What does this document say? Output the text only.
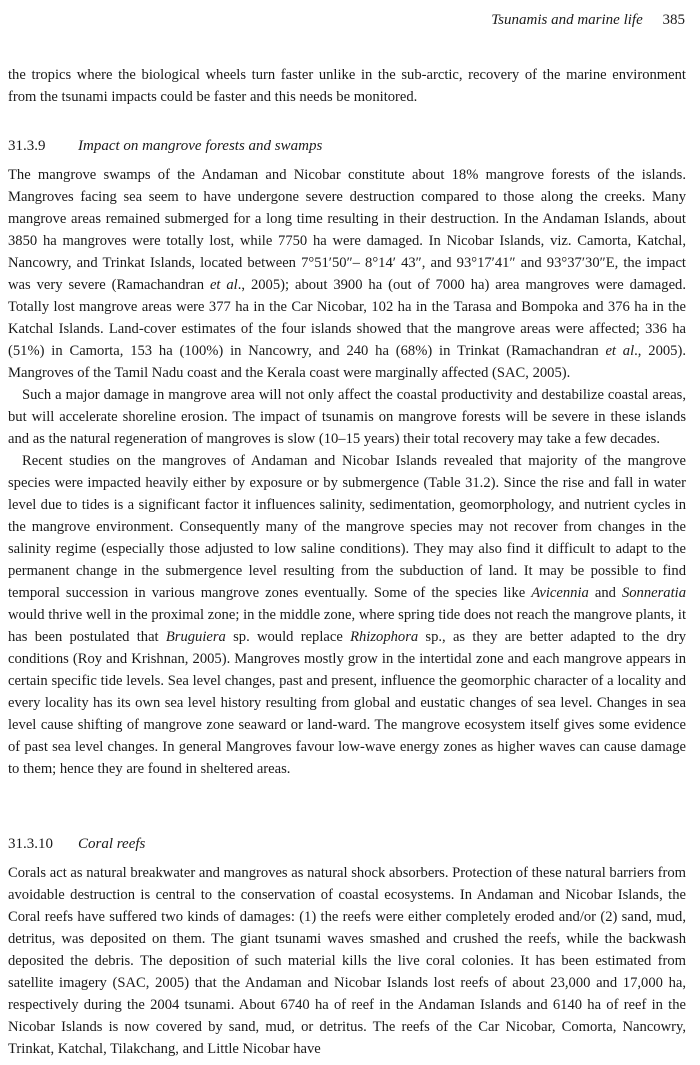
Tsunamis and marine life 385

the tropics where the biological wheels turn faster unlike in the sub-arctic, recovery of the marine environment from the tsunami impacts could be faster and this needs be monitored.

31.3.9 Impact on mangrove forests and swamps

The mangrove swamps of the Andaman and Nicobar constitute about 18% mangrove forests of the islands. Mangroves facing sea seem to have undergone severe destruction compared to those along the creeks. Many mangrove areas remained submerged for a long time resulting in their destruction. In the Andaman Islands, about 3850 ha mangroves were totally lost, while 7750 ha were damaged. In Nicobar Islands, viz. Camorta, Katchal, Nancowry, and Trinkat Islands, located between 7°51′50″– 8°14′ 43″, and 93°17′41″ and 93°37′30″E, the impact was very severe (Ramachandran et al., 2005); about 3900 ha (out of 7000 ha) area mangroves were damaged. Totally lost mangrove areas were 377 ha in the Car Nicobar, 102 ha in the Tarasa and Bompoka and 376 ha in the Katchal Islands. Land-cover estimates of the four islands showed that the mangrove areas were affected; 336 ha (51%) in Camorta, 153 ha (100%) in Nancowry, and 240 ha (68%) in Trinkat (Ramachandran et al., 2005). Mangroves of the Tamil Nadu coast and the Kerala coast were marginally affected (SAC, 2005).

Such a major damage in mangrove area will not only affect the coastal productivity and destabilize coastal areas, but will accelerate shoreline erosion. The impact of tsunamis on mangrove forests will be severe in these islands and as the natural regeneration of mangroves is slow (10–15 years) their total recovery may take a few decades.

Recent studies on the mangroves of Andaman and Nicobar Islands revealed that majority of the mangrove species were impacted heavily either by exposure or by submergence (Table 31.2). Since the rise and fall in water level due to tides is a significant factor it influences salinity, sedimentation, geomorphology, and nutrient cycles in the mangrove environment. Consequently many of the mangrove species may not recover from changes in the salinity regime (especially those adjusted to low saline conditions). They may also find it difficult to adapt to the permanent change in the submergence level resulting from the subduction of land. It may be possible to find temporal succession in various mangrove zones eventually. Some of the species like Avicennia and Sonneratia would thrive well in the proximal zone; in the middle zone, where spring tide does not reach the mangrove plants, it has been postulated that Bruguiera sp. would replace Rhizophora sp., as they are better adapted to the dry conditions (Roy and Krishnan, 2005). Mangroves mostly grow in the intertidal zone and each mangrove appears in certain specific tide levels. Sea level changes, past and present, influence the geomorphic character of a locality and every locality has its own sea level history resulting from global and eustatic changes of sea level. Changes in sea level cause shifting of mangrove zone seaward or land-ward. The mangrove ecosystem itself gives some evidence of past sea level changes. In general Mangroves favour low-wave energy zones as higher waves can cause damage to them; hence they are found in sheltered areas.

31.3.10 Coral reefs

Corals act as natural breakwater and mangroves as natural shock absorbers. Protection of these natural barriers from avoidable destruction is central to the conservation of coastal ecosystems. In Andaman and Nicobar Islands, the Coral reefs have suffered two kinds of damages: (1) the reefs were either completely eroded and/or (2) sand, mud, detritus, was deposited on them. The giant tsunami waves smashed and crushed the reefs, while the backwash deposited the debris. The deposition of such material kills the live coral colonies. It has been estimated from satellite imagery (SAC, 2005) that the Andaman and Nicobar Islands lost reefs of about 23,000 and 17,000 ha, respectively during the 2004 tsunami. About 6740 ha of reef in the Andaman Islands and 6140 ha of reef in the Nicobar Islands is now covered by sand, mud, or detritus. The reefs of the Car Nicobar, Comorta, Nancowry, Trinkat, Katchal, Tilakchang, and Little Nicobar have
